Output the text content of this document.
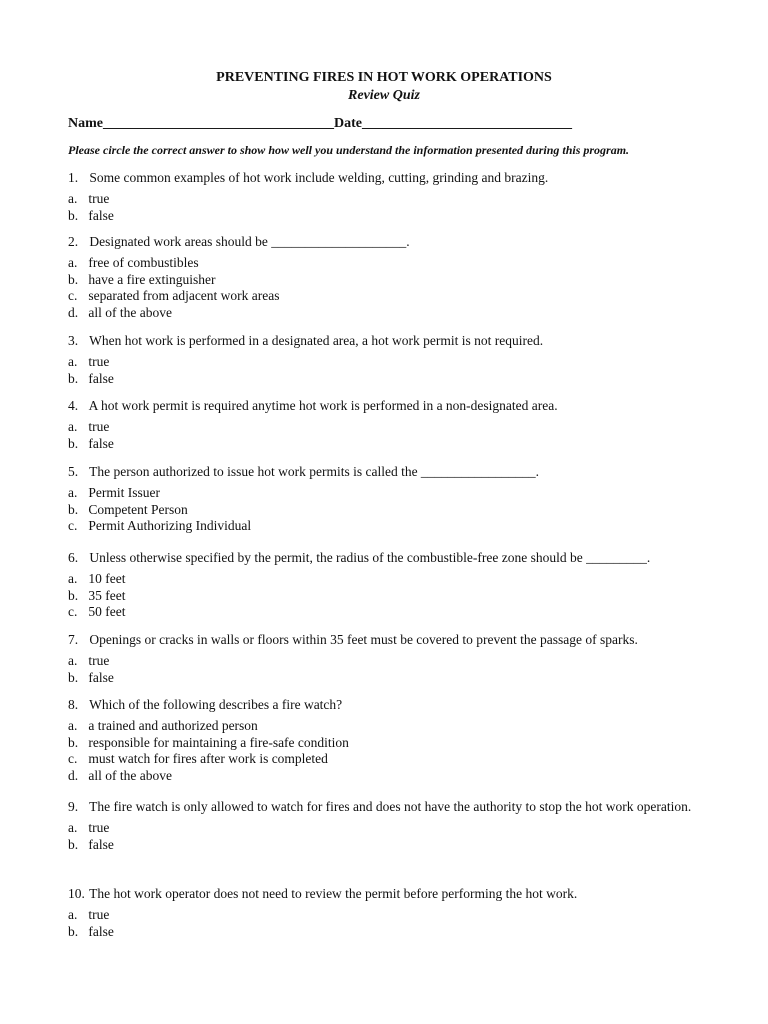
PREVENTING FIRES IN HOT WORK OPERATIONS
Review Quiz
Name_________________________________Date______________________________
Please circle the correct answer to show how well you understand the information presented during this program.

1. Some common examples of hot work include welding, cutting, grinding and brazing.

a. true
b. false

2. Designated work areas should be ____________________.

a. free of combustibles
b. have a fire extinguisher
c. separated from adjacent work areas
d. all of the above

3. When hot work is performed in a designated area, a hot work permit is not required.

a. true
b. false

4. A hot work permit is required anytime hot work is performed in a non-designated area.

a. true
b. false

5. The person authorized to issue hot work permits is called the _________________.

a. Permit Issuer
b. Competent Person
c. Permit Authorizing Individual

6. Unless otherwise specified by the permit, the radius of the combustible-free zone should be _________.

a. 10 feet
b. 35 feet
c. 50 feet

7. Openings or cracks in walls or floors within 35 feet must be covered to prevent the passage of sparks.

a. true
b. false

8. Which of the following describes a fire watch?

a. a trained and authorized person
b. responsible for maintaining a fire-safe condition
c. must watch for fires after work is completed
d. all of the above

9. The fire watch is only allowed to watch for fires and does not have the authority to stop the hot work operation.

a. true
b. false

10. The hot work operator does not need to review the permit before performing the hot work.

a. true
b. false
